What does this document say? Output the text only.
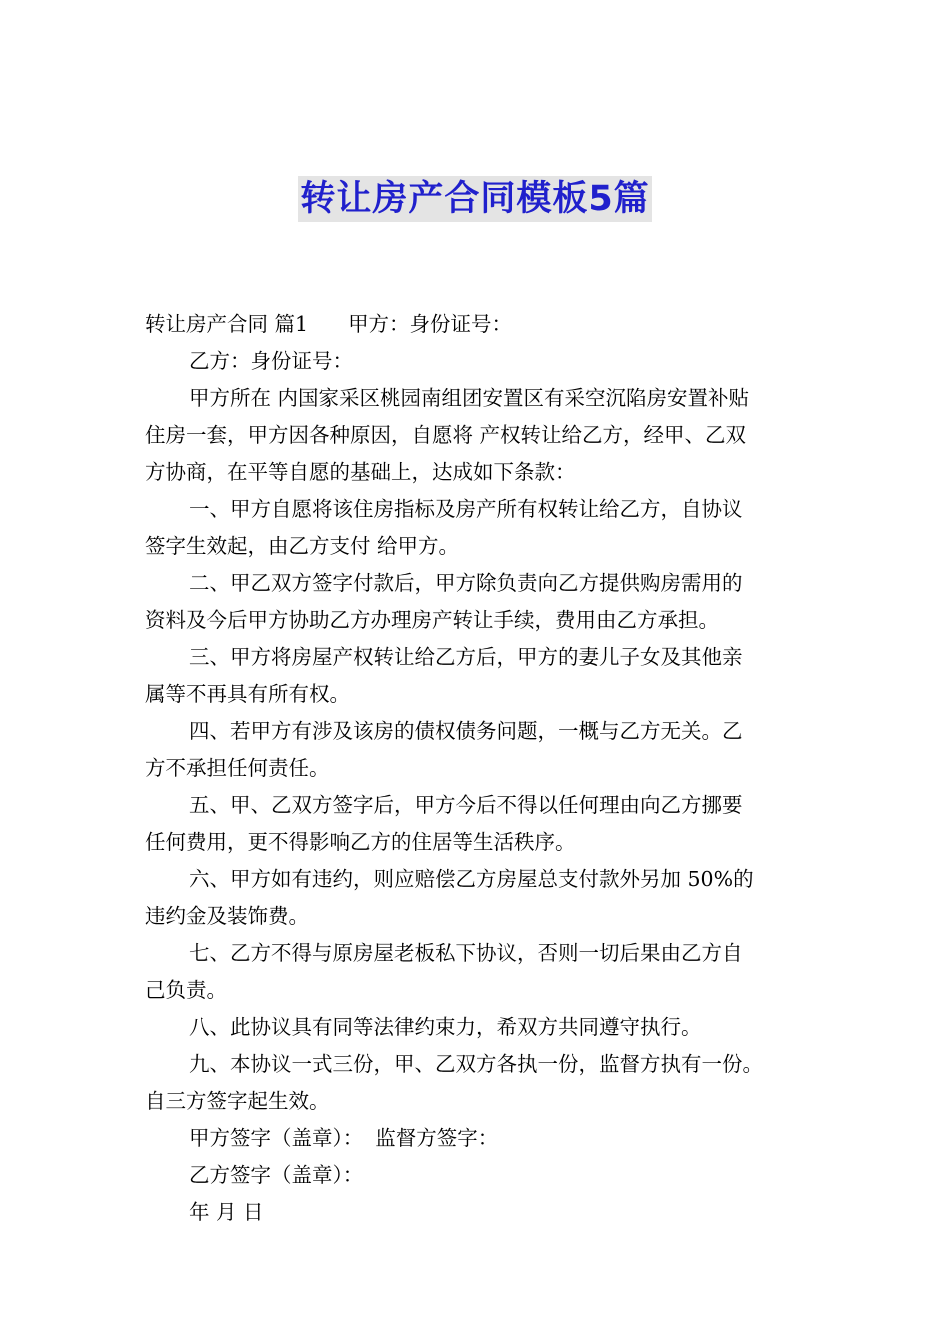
转让房产合同模板5篇
转让房产合同 篇1 甲方：身份证号：
乙方：身份证号：
甲方所在 内国家采区桃园南组团安置区有采空沉陷房安置补贴
住房一套，甲方因各种原因，自愿将 产权转让给乙方，经甲、乙双
方协商，在平等自愿的基础上，达成如下条款：
一、甲方自愿将该住房指标及房产所有权转让给乙方，自协议
签字生效起，由乙方支付 给甲方。
二、甲乙双方签字付款后，甲方除负责向乙方提供购房需用的
资料及今后甲方协助乙方办理房产转让手续，费用由乙方承担。
三、甲方将房屋产权转让给乙方后，甲方的妻儿子女及其他亲
属等不再具有所有权。
四、若甲方有涉及该房的债权债务问题，一概与乙方无关。乙
方不承担任何责任。
五、甲、乙双方签字后，甲方今后不得以任何理由向乙方挪要
任何费用，更不得影响乙方的住居等生活秩序。
六、甲方如有违约，则应赔偿乙方房屋总支付款外另加 50%的
违约金及装饰费。
七、乙方不得与原房屋老板私下协议，否则一切后果由乙方自
己负责。
八、此协议具有同等法律约束力，希双方共同遵守执行。
九、本协议一式三份，甲、乙双方各执一份，监督方执有一份。
自三方签字起生效。
甲方签字（盖章）： 监督方签字：
乙方签字（盖章）：
年 月 日
